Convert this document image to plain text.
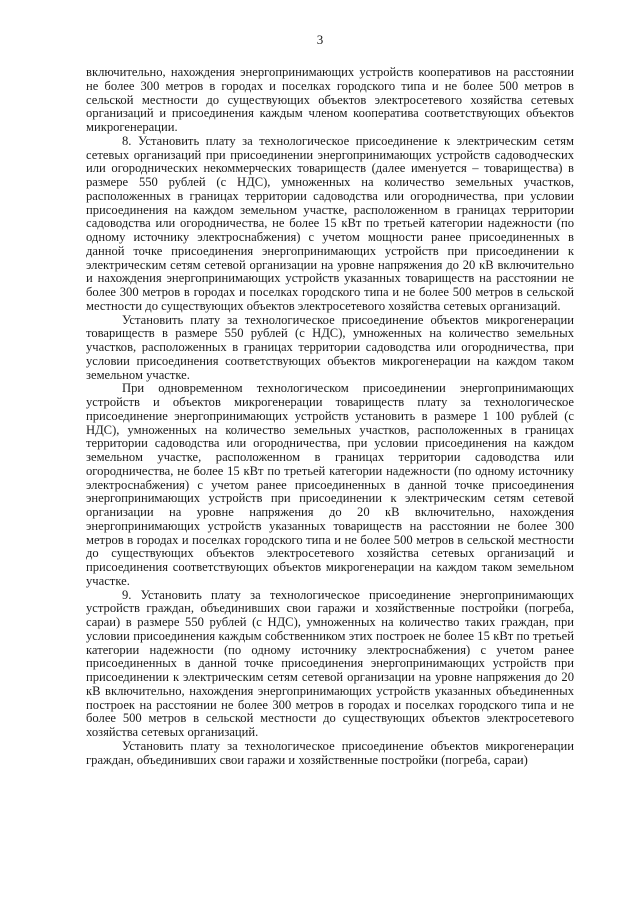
3

включительно, нахождения энергопринимающих устройств кооперативов на расстоянии не более 300 метров в городах и поселках городского типа и не более 500 метров в сельской местности до существующих объектов электросетевого хозяйства сетевых организаций и присоединения каждым членом кооператива соответствующих объектов микрогенерации.

8. Установить плату за технологическое присоединение к электрическим сетям сетевых организаций при присоединении энергопринимающих устройств садоводческих или огороднических некоммерческих товариществ (далее именуется – товарищества) в размере 550 рублей (с НДС), умноженных на количество земельных участков, расположенных в границах территории садоводства или огородничества, при условии присоединения на каждом земельном участке, расположенном в границах территории садоводства или огородничества, не более 15 кВт по третьей категории надежности (по одному источнику электроснабжения) с учетом мощности ранее присоединенных в данной точке присоединения энергопринимающих устройств при присоединении к электрическим сетям сетевой организации на уровне напряжения до 20 кВ включительно и нахождения энергопринимающих устройств указанных товариществ на расстоянии не более 300 метров в городах и поселках городского типа и не более 500 метров в сельской местности до существующих объектов электросетевого хозяйства сетевых организаций.

Установить плату за технологическое присоединение объектов микрогенерации товариществ в размере 550 рублей (с НДС), умноженных на количество земельных участков, расположенных в границах территории садоводства или огородничества, при условии присоединения соответствующих объектов микрогенерации на каждом таком земельном участке.

При одновременном технологическом присоединении энергопринимающих устройств и объектов микрогенерации товариществ плату за технологическое присоединение энергопринимающих устройств установить в размере 1 100 рублей (с НДС), умноженных на количество земельных участков, расположенных в границах территории садоводства или огородничества, при условии присоединения на каждом земельном участке, расположенном в границах территории садоводства или огородничества, не более 15 кВт по третьей категории надежности (по одному источнику электроснабжения) с учетом ранее присоединенных в данной точке присоединения энергопринимающих устройств при присоединении к электрическим сетям сетевой организации на уровне напряжения до 20 кВ включительно, нахождения энергопринимающих устройств указанных товариществ на расстоянии не более 300 метров в городах и поселках городского типа и не более 500 метров в сельской местности до существующих объектов электросетевого хозяйства сетевых организаций и присоединения соответствующих объектов микрогенерации на каждом таком земельном участке.

9. Установить плату за технологическое присоединение энергопринимающих устройств граждан, объединивших свои гаражи и хозяйственные постройки (погреба, сараи) в размере 550 рублей (с НДС), умноженных на количество таких граждан, при условии присоединения каждым собственником этих построек не более 15 кВт по третьей категории надежности (по одному источнику электроснабжения) с учетом ранее присоединенных в данной точке присоединения энергопринимающих устройств при присоединении к электрическим сетям сетевой организации на уровне напряжения до 20 кВ включительно, нахождения энергопринимающих устройств указанных объединенных построек на расстоянии не более 300 метров в городах и поселках городского типа и не более 500 метров в сельской местности до существующих объектов электросетевого хозяйства сетевых организаций.

Установить плату за технологическое присоединение объектов микрогенерации граждан, объединивших свои гаражи и хозяйственные постройки (погреба, сараи)
